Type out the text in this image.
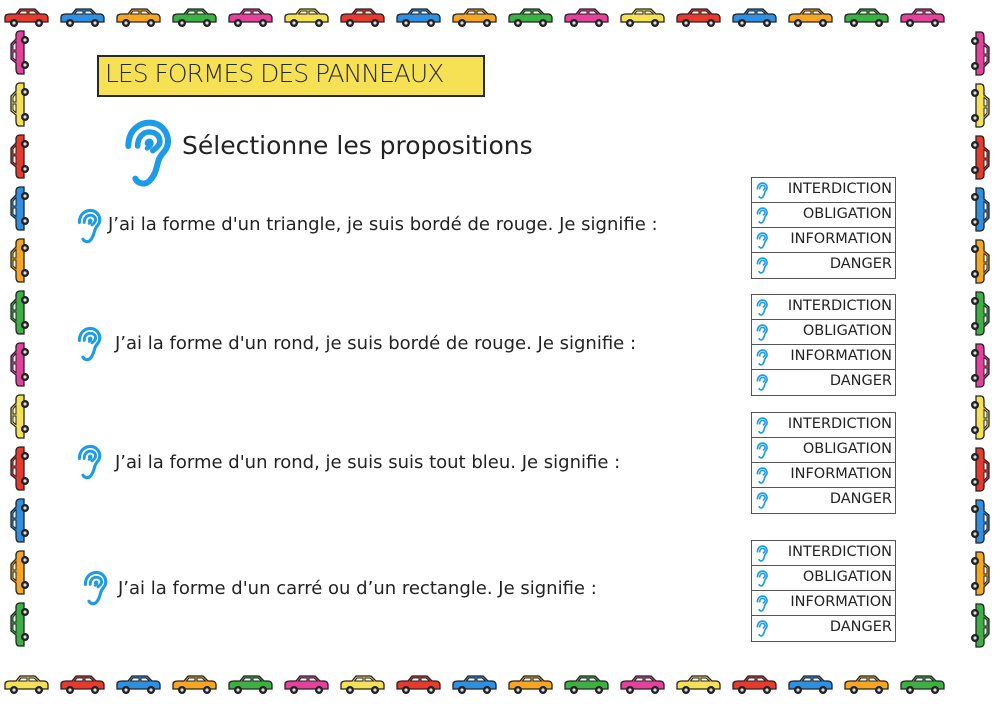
LES FORMES DES PANNEAUX
Sélectionne les propositions
J’ai la forme d'un triangle, je suis bordé de rouge. Je signifie :
INTERDICTION
OBLIGATION
INFORMATION
DANGER
J’ai la forme d'un rond, je suis bordé de rouge. Je signifie :
INTERDICTION
OBLIGATION
INFORMATION
DANGER
J’ai la forme d'un rond, je suis suis tout bleu. Je signifie :
INTERDICTION
OBLIGATION
INFORMATION
DANGER
J’ai la forme d'un carré ou d’un rectangle. Je signifie :
INTERDICTION
OBLIGATION
INFORMATION
DANGER
